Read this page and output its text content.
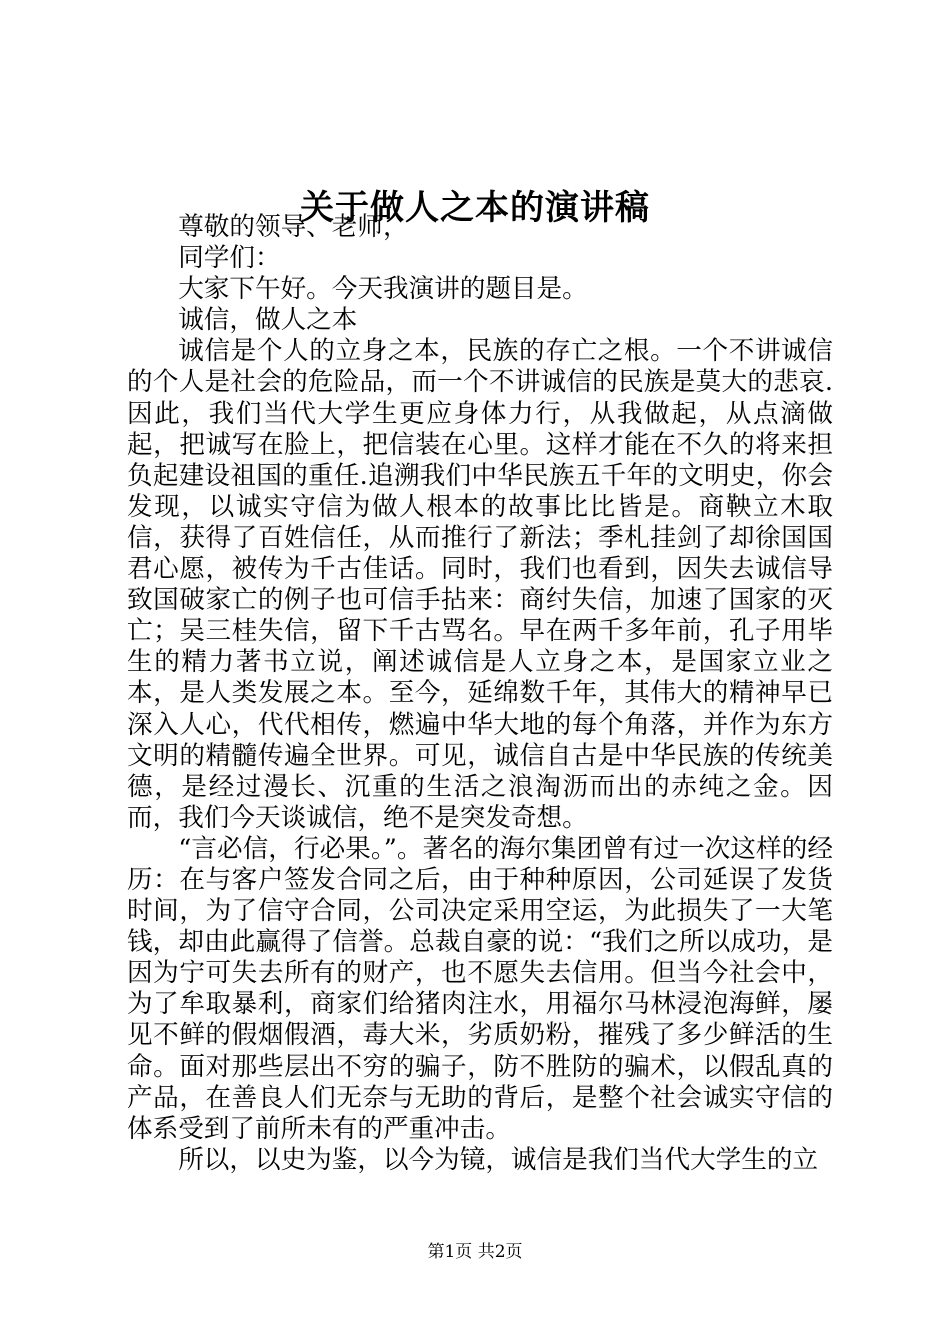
关于做人之本的演讲稿

尊敬的领导、老师，

同学们：

大家下午好。今天我演讲的题目是。

诚信，做人之本

诚信是个人的立身之本，民族的存亡之根。一个不讲诚信的个人是社会的危险品，而一个不讲诚信的民族是莫大的悲哀.因此，我们当代大学生更应身体力行，从我做起，从点滴做起，把诚写在脸上，把信装在心里。这样才能在不久的将来担负起建设祖国的重任.追溯我们中华民族五千年的文明史，你会发现，以诚实守信为做人根本的故事比比皆是。商鞅立木取信，获得了百姓信任，从而推行了新法；季札挂剑了却徐国国君心愿，被传为千古佳话。同时，我们也看到，因失去诚信导致国破家亡的例子也可信手拈来：商纣失信，加速了国家的灭亡；吴三桂失信，留下千古骂名。早在两千多年前，孔子用毕生的精力著书立说，阐述诚信是人立身之本，是国家立业之本，是人类发展之本。至今，延绵数千年，其伟大的精神早已深入人心，代代相传，燃遍中华大地的每个角落，并作为东方文明的精髓传遍全世界。可见，诚信自古是中华民族的传统美德，是经过漫长、沉重的生活之浪淘沥而出的赤纯之金。因而，我们今天谈诚信，绝不是突发奇想。

“言必信，行必果。”。著名的海尔集团曾有过一次这样的经历：在与客户签发合同之后，由于种种原因，公司延误了发货时间，为了信守合同，公司决定采用空运，为此损失了一大笔钱，却由此赢得了信誉。总裁自豪的说：“我们之所以成功，是因为宁可失去所有的财产，也不愿失去信用。但当今社会中，为了牟取暴利，商家们给猪肉注水，用福尔马林浸泡海鲜，屡见不鲜的假烟假酒，毒大米，劣质奶粉，摧残了多少鲜活的生命。面对那些层出不穷的骗子，防不胜防的骗术，以假乱真的产品，在善良人们无奈与无助的背后，是整个社会诚实守信的体系受到了前所未有的严重冲击。

所以，以史为鉴，以今为镜，诚信是我们当代大学生的立

第1页 共2页
